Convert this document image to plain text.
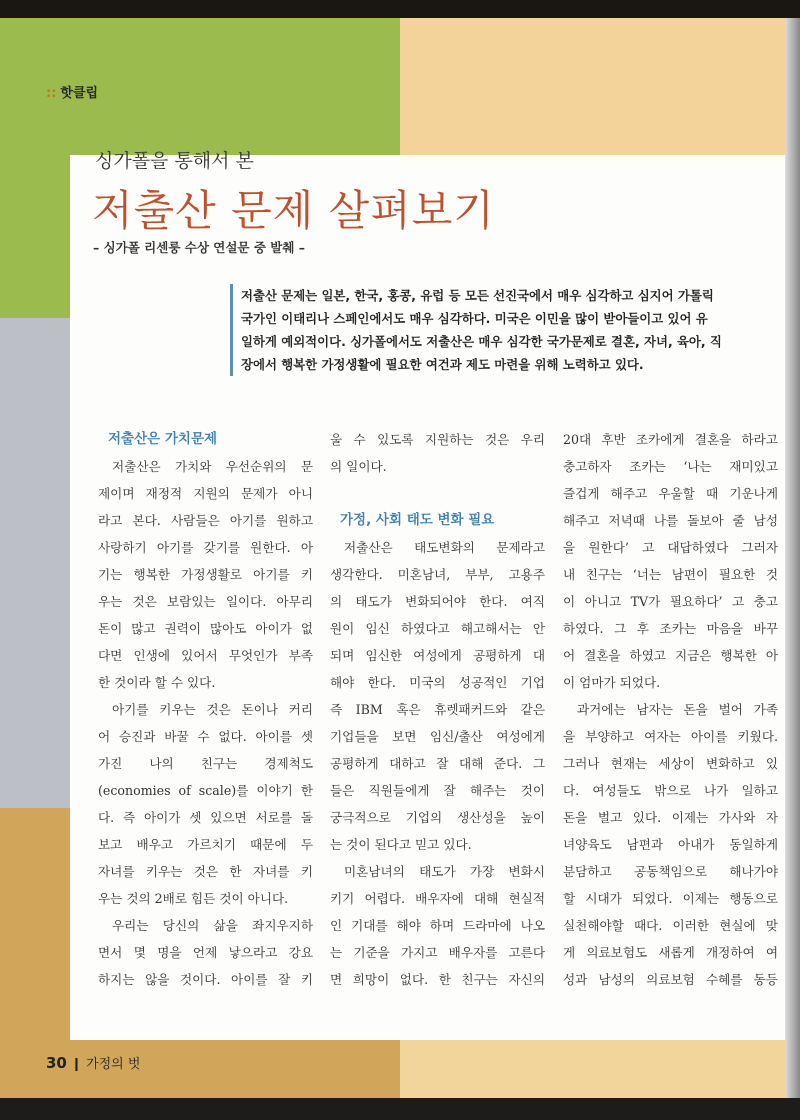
:: 핫클립
싱가폴을 통해서 본
저출산 문제 살펴보기
– 싱가폴 리센룽 수상 연설문 중 발췌 –
저출산 문제는 일본, 한국, 홍콩, 유럽 등 모든 선진국에서 매우 심각하고 심지어 가톨릭
국가인 이태리나 스페인에서도 매우 심각하다. 미국은 이민을 많이 받아들이고 있어 유
일하게 예외적이다. 싱가폴에서도 저출산은 매우 심각한 국가문제로 결혼, 자녀, 육아, 직
장에서 행복한 가정생활에 필요한 여건과 제도 마련을 위해 노력하고 있다.
저출산은 가치문제
저출산은 가치와 우선순위의 문
제이며 재정적 지원의 문제가 아니
라고 본다. 사람들은 아기를 원하고
사랑하기 아기를 갖기를 원한다. 아
기는 행복한 가정생활로 아기를 키
우는 것은 보람있는 일이다. 아무리
돈이 많고 권력이 많아도 아이가 없
다면 인생에 있어서 무엇인가 부족
한 것이라 할 수 있다.
아기를 키우는 것은 돈이나 커리
어 승진과 바꿀 수 없다. 아이를 셋
가진 나의 친구는 경제척도
(economies of scale)를 이야기 한
다. 즉 아이가 셋 있으면 서로를 돌
보고 배우고 가르치기 때문에 두
자녀를 키우는 것은 한 자녀를 키
우는 것의 2배로 힘든 것이 아니다.
우리는 당신의 삶을 좌지우지하
면서 몇 명을 언제 낳으라고 강요
하지는 않을 것이다. 아이를 잘 키
울 수 있도록 지원하는 것은 우리
의 일이다.
가정, 사회 태도 변화 필요
저출산은 태도변화의 문제라고
생각한다. 미혼남녀, 부부, 고용주
의 태도가 변화되어야 한다. 여직
원이 임신 하였다고 해고해서는 안
되며 임신한 여성에게 공평하게 대
해야 한다. 미국의 성공적인 기업
즉 IBM 혹은 휴렛패커드와 같은
기업들을 보면 임신/출산 여성에게
공평하게 대하고 잘 대해 준다. 그
들은 직원들에게 잘 해주는 것이
궁극적으로 기업의 생산성을 높이
는 것이 된다고 믿고 있다.
미혼남녀의 태도가 가장 변화시
키기 어렵다. 배우자에 대해 현실적
인 기대를 해야 하며 드라마에 나오
는 기준을 가지고 배우자를 고른다
면 희망이 없다. 한 친구는 자신의
20대 후반 조카에게 결혼을 하라고
충고하자 조카는 ‘나는 재미있고
즐겁게 해주고 우울할 때 기운나게
해주고 저녁때 나를 돌보아 줄 남성
을 원한다’ 고 대답하였다 그러자
내 친구는 ‘너는 남편이 필요한 것
이 아니고 TV가 필요하다’ 고 충고
하였다. 그 후 조카는 마음을 바꾸
어 결혼을 하였고 지금은 행복한 아
이 엄마가 되었다.
과거에는 남자는 돈을 벌어 가족
을 부양하고 여자는 아이를 키웠다.
그러나 현재는 세상이 변화하고 있
다. 여성들도 밖으로 나가 일하고
돈을 벌고 있다. 이제는 가사와 자
녀양육도 남편과 아내가 동일하게
분담하고 공동책임으로 해나가야
할 시대가 되었다. 이제는 행동으로
실천해야할 때다. 이러한 현실에 맞
게 의료보험도 새롭게 개정하여 여
성과 남성의 의료보험 수혜를 동등
30 ❙ 가정의 벗
